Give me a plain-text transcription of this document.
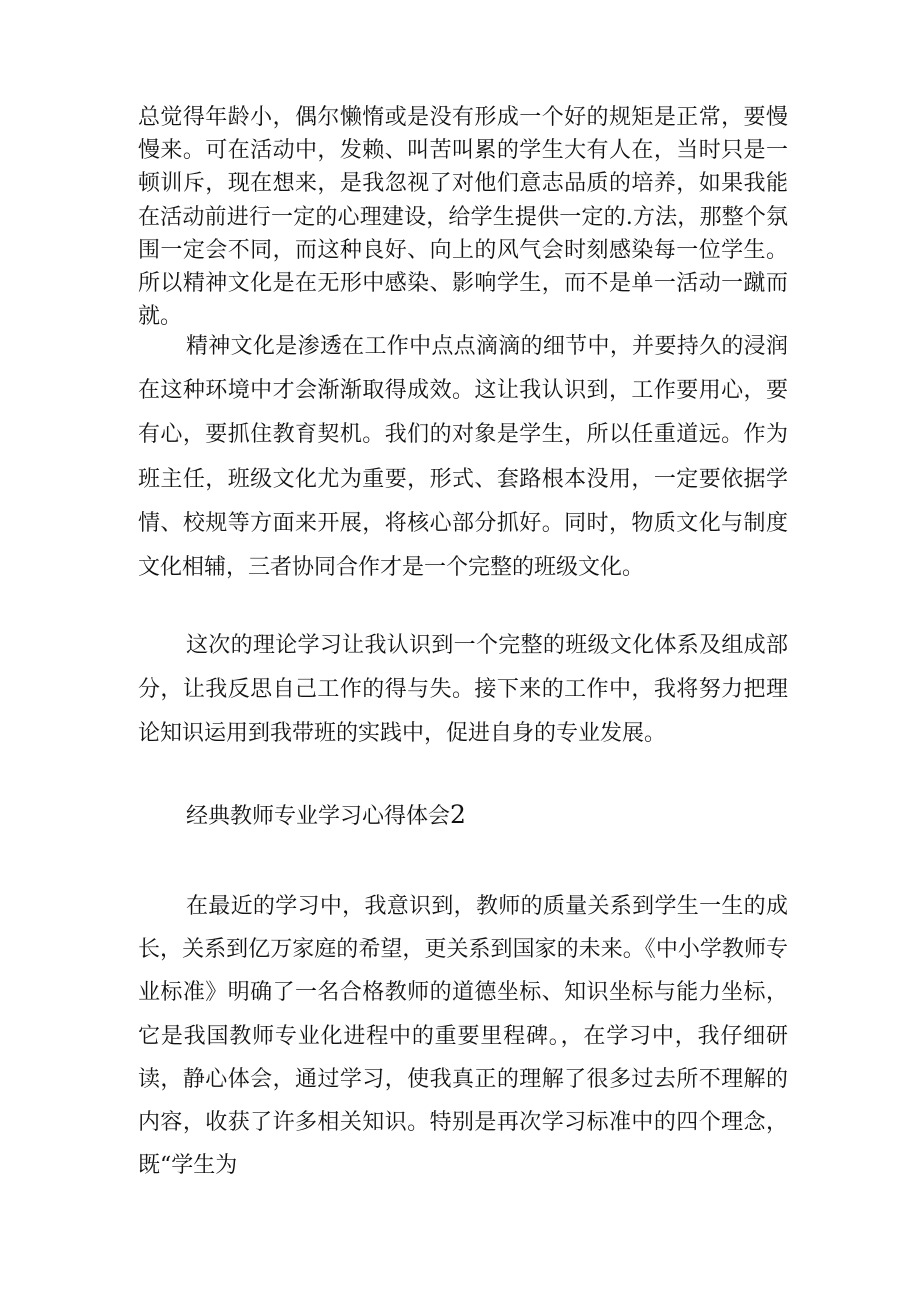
总觉得年龄小，偶尔懒惰或是没有形成一个好的规矩是正常，要慢慢来。可在活动中，发赖、叫苦叫累的学生大有人在，当时只是一顿训斥，现在想来，是我忽视了对他们意志品质的培养，如果我能在活动前进行一定的心理建设，给学生提供一定的.方法，那整个氛围一定会不同，而这种良好、向上的风气会时刻感染每一位学生。所以精神文化是在无形中感染、影响学生，而不是单一活动一蹴而就。

精神文化是渗透在工作中点点滴滴的细节中，并要持久的浸润在这种环境中才会渐渐取得成效。这让我认识到，工作要用心，要有心，要抓住教育契机。我们的对象是学生，所以任重道远。作为班主任，班级文化尤为重要，形式、套路根本没用，一定要依据学情、校规等方面来开展，将核心部分抓好。同时，物质文化与制度文化相辅，三者协同合作才是一个完整的班级文化。

这次的理论学习让我认识到一个完整的班级文化体系及组成部分，让我反思自己工作的得与失。接下来的工作中，我将努力把理论知识运用到我带班的实践中，促进自身的专业发展。

经典教师专业学习心得体会2

在最近的学习中，我意识到，教师的质量关系到学生一生的成长，关系到亿万家庭的希望，更关系到国家的未来。《中小学教师专业标准》明确了一名合格教师的道德坐标、知识坐标与能力坐标，它是我国教师专业化进程中的重要里程碑。，在学习中，我仔细研读，静心体会，通过学习，使我真正的理解了很多过去所不理解的内容，收获了许多相关知识。特别是再次学习标准中的四个理念，既“学生为
